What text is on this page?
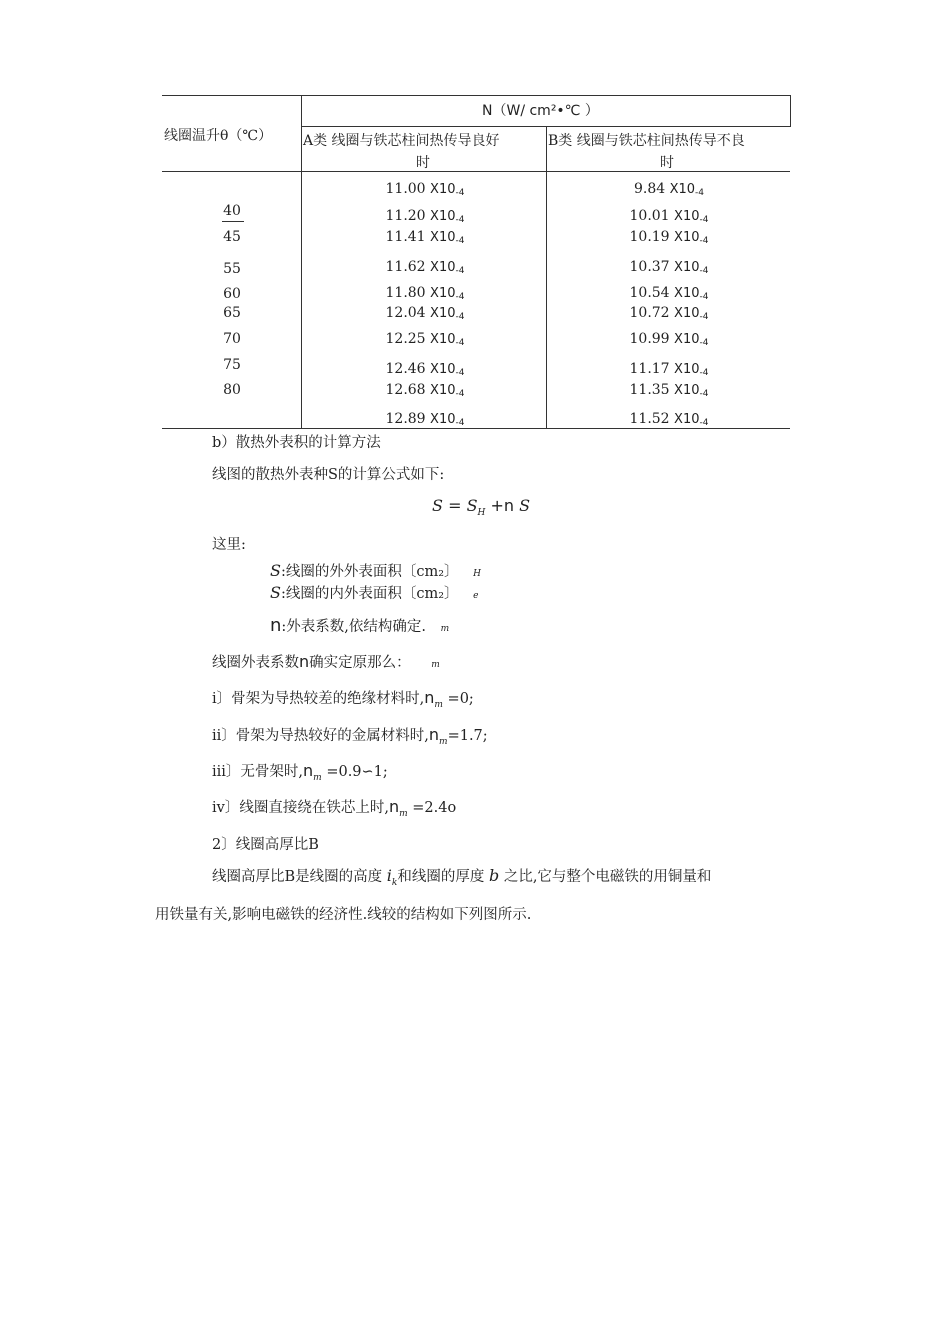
线圈温升θ（℃）
N（W/ cm²•℃ ）
A类 线圈与铁芯柱间热传导良好
时
B类 线圈与铁芯柱间热传导不良
时
40
45
55
60
65
70
75
80
11.00 $X10_{-4}$
11.20 $X10_{-4}$
11.41 $X10_{-4}$
11.62 $X10_{-4}$
11.80 $X10_{-4}$
12.04 $X10_{-4}$
12.25 $X10_{-4}$
12.46 $X10_{-4}$
12.68 $X10_{-4}$
12.89 $X10_{-4}$
9.84 $X10_{-4}$
10.01 $X10_{-4}$
10.19 $X10_{-4}$
10.37 $X10_{-4}$
10.54 $X10_{-4}$
10.72 $X10_{-4}$
10.99 $X10_{-4}$
11.17 $X10_{-4}$
11.35 $X10_{-4}$
11.52 $X10_{-4}$
b）散热外表积的计算方法
线图的散热外表种S的计算公式如下:
$S = S_H +n$ S
这里:
S:线圈的外外表面积〔cm₂〕 H
S:线圈的内外表面积〔cm₂〕 e
n:外表系数,依结构确定. m
线圈外表系数n确实定原那么： m
i〕骨架为导热较差的绝缘材料时$,n_m =0$;
ii〕骨架为导热较好的金属材料时$,n_m=1.7$;
iii〕无骨架时$,n_m$ =0.9∽1;
iv〕线圈直接绕在铁芯上时$,n_m =2.4o$
2〕线圈高厚比B
线圈高厚比B是线圈的高度 $i_k$和线圈的厚度 b 之比,它与整个电磁铁的用铜量和
用铁量有关,影响电磁铁的经济性.线较的结构如下列图所示.
